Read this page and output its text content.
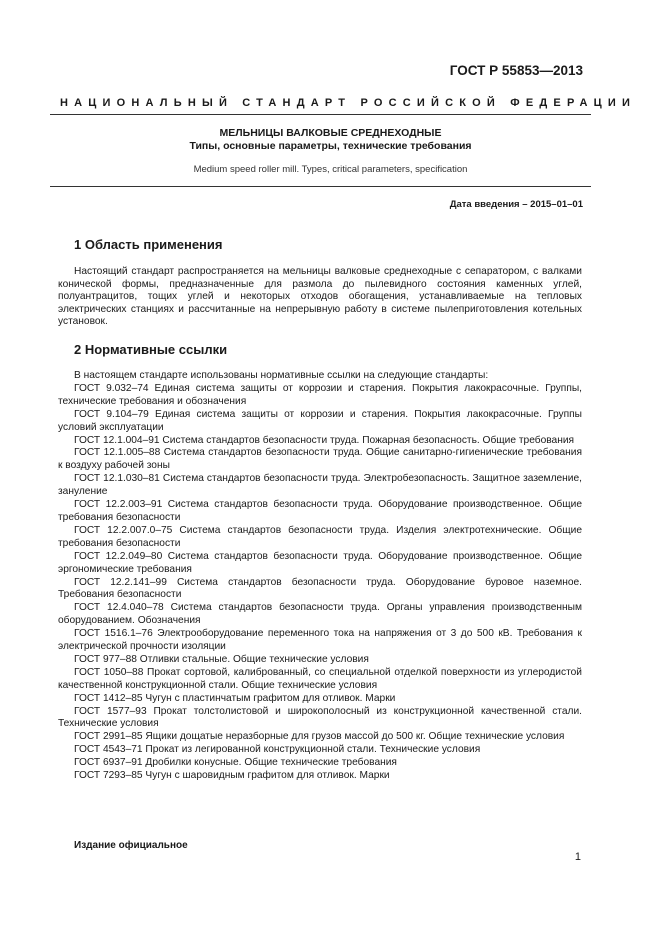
ГОСТ Р 55853—2013
НАЦИОНАЛЬНЫЙ СТАНДАРТ РОССИЙСКОЙ ФЕДЕРАЦИИ
МЕЛЬНИЦЫ ВАЛКОВЫЕ СРЕДНЕХОДНЫЕ
Типы, основные параметры, технические требования
Medium speed roller mill. Types, critical parameters, specification
Дата введения – 2015–01–01
1 Область применения

Настоящий стандарт распространяется на мельницы валковые среднеходные с сепаратором, с валками конической формы, предназначенные для размола до пылевидного состояния каменных углей, полуантрацитов, тощих углей и некоторых отходов обогащения, устанавливаемые на тепловых электрических станциях и рассчитанные на непрерывную работу в системе пылеприготовления котельных установок.

2 Нормативные ссылки

В настоящем стандарте использованы нормативные ссылки на следующие стандарты:

ГОСТ 9.032–74 Единая система защиты от коррозии и старения. Покрытия лакокрасочные. Группы, технические требования и обозначения

ГОСТ 9.104–79 Единая система защиты от коррозии и старения. Покрытия лакокрасочные. Группы условий эксплуатации

ГОСТ 12.1.004–91 Система стандартов безопасности труда. Пожарная безопасность. Общие требования

ГОСТ 12.1.005–88 Система стандартов безопасности труда. Общие санитарно-гигиенические требования к воздуху рабочей зоны

ГОСТ 12.1.030–81 Система стандартов безопасности труда. Электробезопасность. Защитное заземление, зануление

ГОСТ 12.2.003–91 Система стандартов безопасности труда. Оборудование производственное. Общие требования безопасности

ГОСТ 12.2.007.0–75 Система стандартов безопасности труда. Изделия электротехнические. Общие требования безопасности

ГОСТ 12.2.049–80 Система стандартов безопасности труда. Оборудование производственное. Общие эргономические требования

ГОСТ 12.2.141–99 Система стандартов безопасности труда. Оборудование буровое наземное. Требования безопасности

ГОСТ 12.4.040–78 Система стандартов безопасности труда. Органы управления производственным оборудованием. Обозначения

ГОСТ 1516.1–76 Электрооборудование переменного тока на напряжения от 3 до 500 кВ. Требования к электрической прочности изоляции

ГОСТ 977–88 Отливки стальные. Общие технические условия

ГОСТ 1050–88 Прокат сортовой, калиброванный, со специальной отделкой поверхности из углеродистой качественной конструкционной стали. Общие технические условия

ГОСТ 1412–85 Чугун с пластинчатым графитом для отливок. Марки

ГОСТ 1577–93 Прокат толстолистовой и широкополосный из конструкционной качественной стали. Технические условия

ГОСТ 2991–85 Ящики дощатые неразборные для грузов массой до 500 кг. Общие технические условия

ГОСТ 4543–71 Прокат из легированной конструкционной стали. Технические условия

ГОСТ 6937–91 Дробилки конусные. Общие технические требования

ГОСТ 7293–85 Чугун с шаровидным графитом для отливок. Марки

Издание официальное
1
